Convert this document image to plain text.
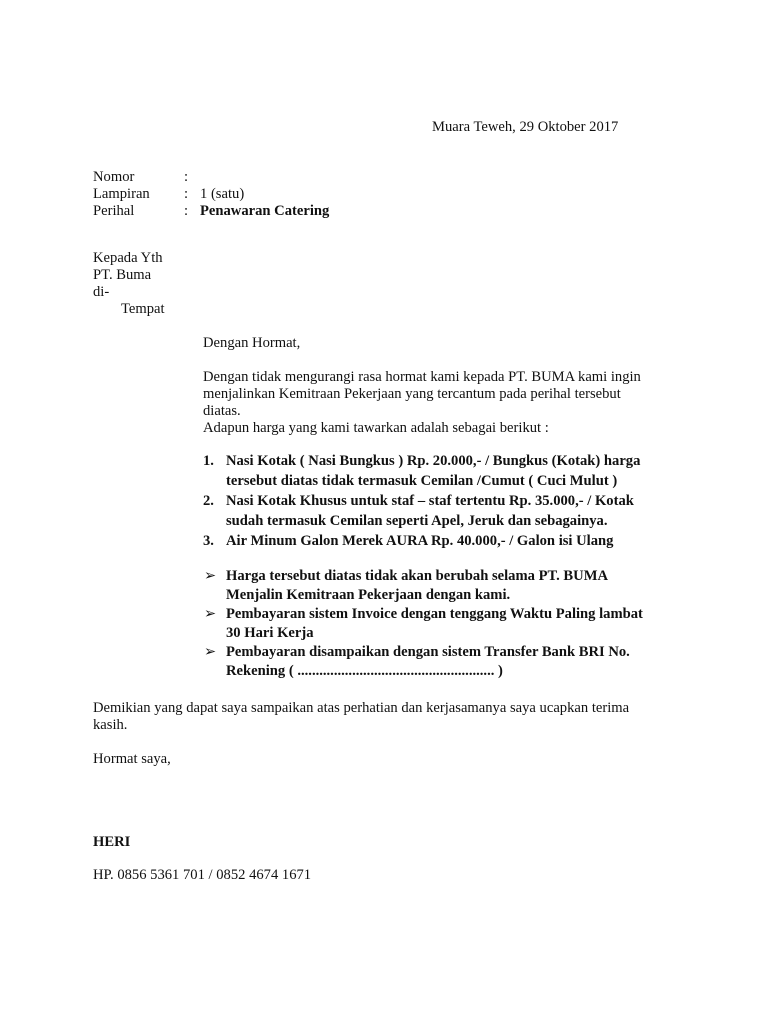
Muara Teweh, 29 Oktober 2017
Nomor	:
Lampiran : 1 (satu)
Perihal	: Penawaran Catering
Kepada Yth
PT. Buma
di-
Tempat
Dengan Hormat,
Dengan tidak mengurangi rasa hormat kami kepada PT. BUMA kami ingin
menjalinkan Kemitraan Pekerjaan yang tercantum pada perihal tersebut
diatas.
Adapun harga yang kami tawarkan adalah sebagai berikut :
1. Nasi Kotak ( Nasi Bungkus ) Rp. 20.000,- / Bungkus (Kotak) harga
tersebut diatas tidak termasuk Cemilan /Cumut ( Cuci Mulut )
2. Nasi Kotak Khusus untuk staf – staf tertentu Rp. 35.000,- / Kotak
sudah termasuk Cemilan seperti Apel, Jeruk dan sebagainya.
3. Air Minum Galon Merek AURA Rp. 40.000,- / Galon isi Ulang
➢ Harga tersebut diatas tidak akan berubah selama PT. BUMA
Menjalin Kemitraan Pekerjaan dengan kami.
➢ Pembayaran sistem Invoice dengan tenggang Waktu Paling lambat
30 Hari Kerja
➢ Pembayaran disampaikan dengan sistem Transfer Bank BRI No.
Rekening ( ...................................................... )
Demikian yang dapat saya sampaikan atas perhatian dan kerjasamanya saya ucapkan terima
kasih.
Hormat saya,
HERI
HP. 0856 5361 701 / 0852 4674 1671
